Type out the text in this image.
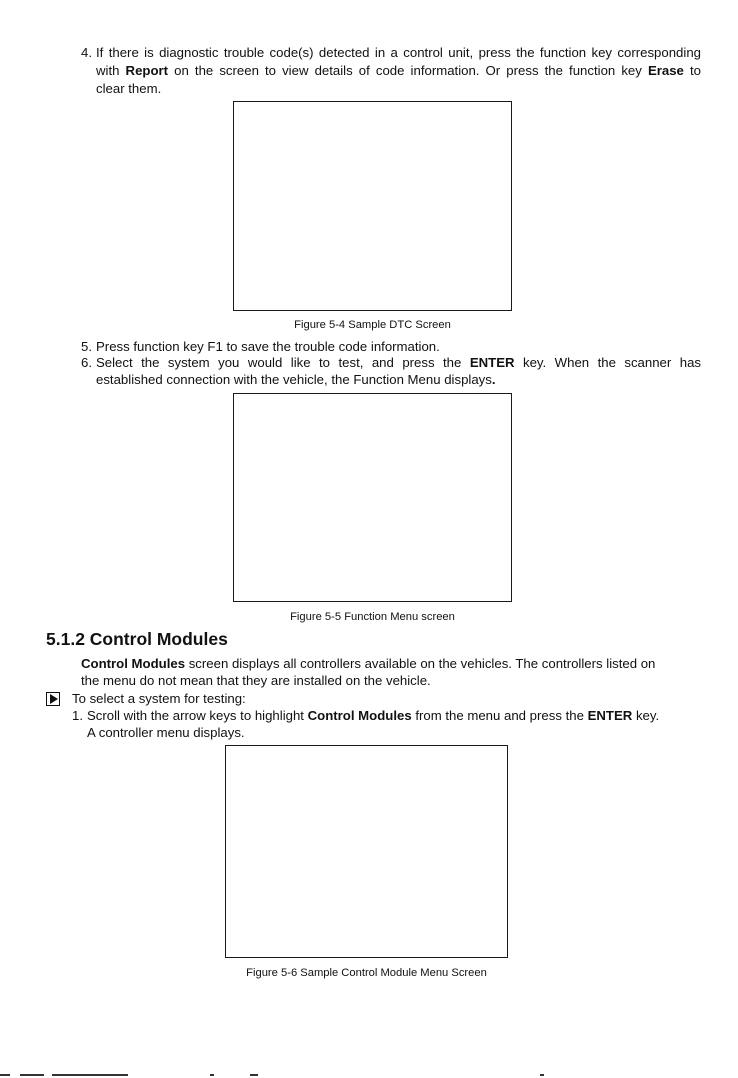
4. If there is diagnostic trouble code(s) detected in a control unit, press the function key corresponding
with Report on the screen to view details of code information. Or press the function key Erase to
clear them.
Figure 5-4 Sample DTC Screen
5. Press function key F1 to save the trouble code information.
6. Select the system you would like to test, and press the ENTER key. When the scanner has
established connection with the vehicle, the Function Menu displays.
Figure 5-5 Function Menu screen
5.1.2 Control Modules
Control Modules screen displays all controllers available on the vehicles. The controllers listed on
the menu do not mean that they are installed on the vehicle.
To select a system for testing:
1. Scroll with the arrow keys to highlight Control Modules from the menu and press the ENTER key.
A controller menu displays.
Figure 5-6 Sample Control Module Menu Screen
